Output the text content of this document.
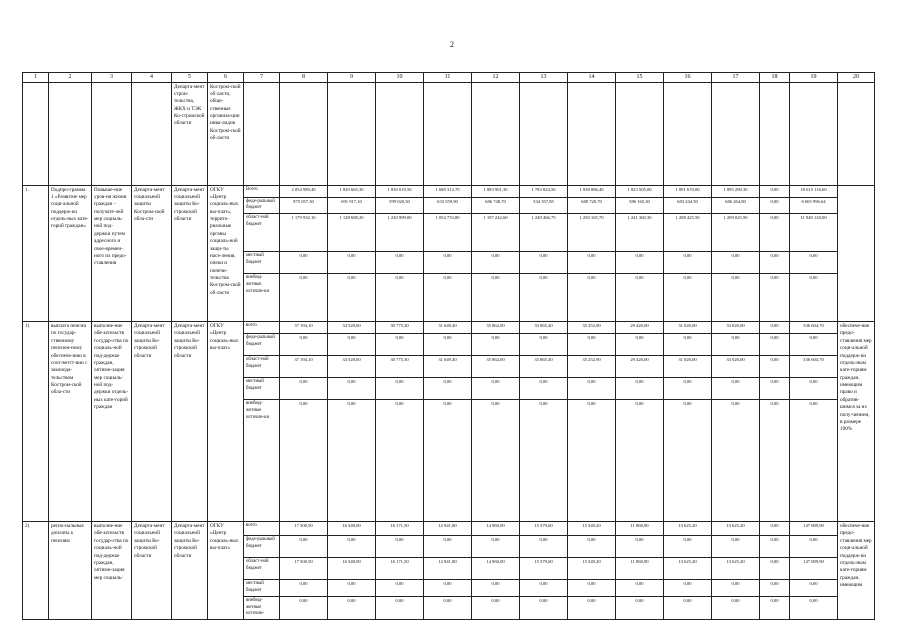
2
1	2	3	4	5	6	7	8	9	10	11	12	13	14	15	16	17	18	19	20
				Департа-мент строи-тельства, ЖКХ и ТЭК Ко-стромской области	Костром-ской об-ласти, обще-ственные организа-ции инва-лидов Костром-ской об-ласти														
1.	Подпро-грамма 1 «Развитие мер соци-альной поддерж-ки отдель-ных кате-горий граждан»	Повыше-ние уров-ня жизни граждан – получате-лей мер социаль-ной под-держки путем адресного и свое-времен-ного их предо-ставления	Департа-мент социальной защиты Костром-ской обла-сти	Департа-мент социальной защиты Ко-стромской области	ОГКУ «Центр социаль-ных вы-плат», террито-риальные органы социаль-ной защи-ты насе-ления, опеки и попечи-тельства Костром-ской об-ласти	Всего	2 054 989,40	1 820 665,30	1 830 019,50	1 688 313,70	1 883 901,30	1 783 824,56	1 938 886,40	1 823 505,00	1 891 670,00	1 895 290,30	0,00	18 615 116,60	
						феде-ральный бюджет	875 057,30	691 917,10	599 020,50	633 559,90	686 748,70	534 357,85	688 720,70	586 165,30	683 244,50	686 264,80	0,00	6 665 996,64	
						област-ной бюджет	1 179 932,10	1 128 688,20	1 230 999,00	1 054 753,80	1 197 242,60	1 249 466,75	1 250 165,70	1 241 360,30	1 208 425,50	1 209 025,90	0,00	11 949 120,00	
						местный бюджет	0,00	0,00	0,00	0,00	0,00	0,00	0,00	0,00	0,00	0,00	0,00	0,00	
						внебюд-жетные источни-ки	0,00	0,00	0,00	0,00	0,00	0,00	0,00	0,00	0,00	0,00	0,00	0,00	
1)	выплата пенсии по государ-ственному пенсион-ному обеспече-нию в соот-ветст-вии с законода-тельством Костром-ской обла-сти	выполне-ние обя-зательств государ-ства по социаль-ной под-держке граждан, оптими-зация мер социаль-ной под-держки отдель-ных кате-горий граждан	Департа-мент социальной защиты Ко-стромской области	Департа-мент социальной защиты Ко-стромской области	ОГКУ «Центр социаль-ных вы-плат»	всего	37 194,10	34 528,60	30 775,30	31 649,40	35 862,00	33 865,40	35 252,90	29 426,00	31 026,00	33 026,00	0,00	336 604,70	обеспече-ние предо-ставления мер соци-альной поддерж-ки отдель-ным кате-гориям граждан, имеющим право и обратив-шимся за их полу-чением, в размере 100%
						феде-ральный бюджет	0,00	0,00	0,00	0,00	0,00	0,00	0,00	0,00	0,00	0,00	0,00	0,00	
						област-ной бюджет	37 194,10	34 528,60	30 775,30	31 649,40	35 862,00	33 865,40	35 252,90	29 426,00	31 026,00	33 026,00	0,00	336 604,70	
						местный бюджет	0,00	0,00	0,00	0,00	0,00	0,00	0,00	0,00	0,00	0,00	0,00	0,00	
						внебюд-жетные источни-ки	0,00	0,00	0,00	0,00	0,00	0,00	0,00	0,00	0,00	0,00	0,00	0,00	
2)	регио-нальные доплаты к пенсиям	выполне-ние обя-зательств государ-ства по социаль-ной под-держке граждан, оптими-зация мер социаль-	Департа-мент социальной защиты Ко-стромской области	Департа-мент социальной защиты Ко-стромской области	ОГКУ «Центр социаль-ных вы-плат»	всего	17 500,50	16 348,00	16 171,50	12 941,80	14 960,00	15 379,60	15 349,20	11 868,90	13 625,20	13 625,20	0,00	147 809,90	обеспече-ние предо-ставления мер соци-альной поддерж-ки отдель-ным кате-гориям граждан, имеющим
						феде-ральный бюджет	0,00	0,00	0,00	0,00	0,00	0,00	0,00	0,00	0,00	0,00	0,00	0,00	
						област-ной бюджет	17 500,50	16 348,00	16 171,50	12 941,80	14 960,00	15 379,60	15 349,20	11 868,90	13 625,20	13 625,20	0,00	147 809,90	
						местный бюджет	0,00	0,00	0,00	0,00	0,00	0,00	0,00	0,00	0,00	0,00	0,00	0,00	
						внебюд-жетные источни-	0,00	0,00	0,00	0,00	0,00	0,00	0,00	0,00	0,00	0,00	0,00	0,00	
